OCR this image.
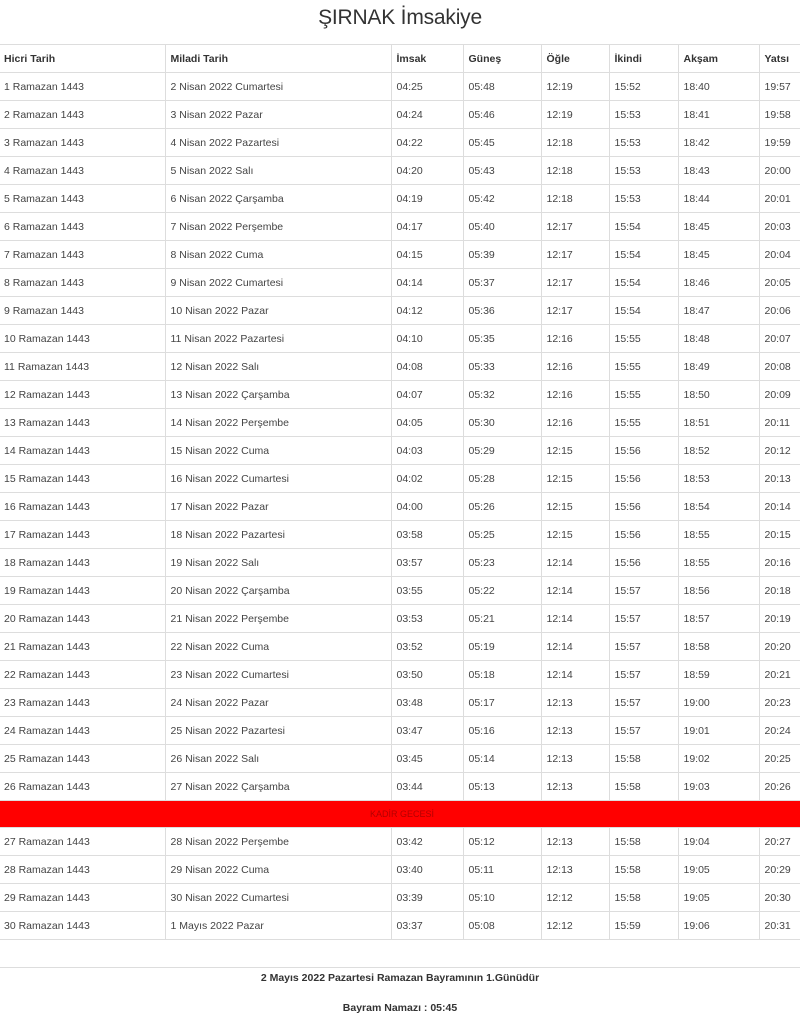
ŞIRNAK İmsakiye
Hicri Tarih	Miladi Tarih	İmsak	Güneş	Öğle	İkindi	Akşam	Yatsı
1 Ramazan 1443	2 Nisan 2022 Cumartesi	04:25	05:48	12:19	15:52	18:40	19:57
2 Ramazan 1443	3 Nisan 2022 Pazar	04:24	05:46	12:19	15:53	18:41	19:58
3 Ramazan 1443	4 Nisan 2022 Pazartesi	04:22	05:45	12:18	15:53	18:42	19:59
4 Ramazan 1443	5 Nisan 2022 Salı	04:20	05:43	12:18	15:53	18:43	20:00
5 Ramazan 1443	6 Nisan 2022 Çarşamba	04:19	05:42	12:18	15:53	18:44	20:01
6 Ramazan 1443	7 Nisan 2022 Perşembe	04:17	05:40	12:17	15:54	18:45	20:03
7 Ramazan 1443	8 Nisan 2022 Cuma	04:15	05:39	12:17	15:54	18:45	20:04
8 Ramazan 1443	9 Nisan 2022 Cumartesi	04:14	05:37	12:17	15:54	18:46	20:05
9 Ramazan 1443	10 Nisan 2022 Pazar	04:12	05:36	12:17	15:54	18:47	20:06
10 Ramazan 1443	11 Nisan 2022 Pazartesi	04:10	05:35	12:16	15:55	18:48	20:07
11 Ramazan 1443	12 Nisan 2022 Salı	04:08	05:33	12:16	15:55	18:49	20:08
12 Ramazan 1443	13 Nisan 2022 Çarşamba	04:07	05:32	12:16	15:55	18:50	20:09
13 Ramazan 1443	14 Nisan 2022 Perşembe	04:05	05:30	12:16	15:55	18:51	20:11
14 Ramazan 1443	15 Nisan 2022 Cuma	04:03	05:29	12:15	15:56	18:52	20:12
15 Ramazan 1443	16 Nisan 2022 Cumartesi	04:02	05:28	12:15	15:56	18:53	20:13
16 Ramazan 1443	17 Nisan 2022 Pazar	04:00	05:26	12:15	15:56	18:54	20:14
17 Ramazan 1443	18 Nisan 2022 Pazartesi	03:58	05:25	12:15	15:56	18:55	20:15
18 Ramazan 1443	19 Nisan 2022 Salı	03:57	05:23	12:14	15:56	18:55	20:16
19 Ramazan 1443	20 Nisan 2022 Çarşamba	03:55	05:22	12:14	15:57	18:56	20:18
20 Ramazan 1443	21 Nisan 2022 Perşembe	03:53	05:21	12:14	15:57	18:57	20:19
21 Ramazan 1443	22 Nisan 2022 Cuma	03:52	05:19	12:14	15:57	18:58	20:20
22 Ramazan 1443	23 Nisan 2022 Cumartesi	03:50	05:18	12:14	15:57	18:59	20:21
23 Ramazan 1443	24 Nisan 2022 Pazar	03:48	05:17	12:13	15:57	19:00	20:23
24 Ramazan 1443	25 Nisan 2022 Pazartesi	03:47	05:16	12:13	15:57	19:01	20:24
25 Ramazan 1443	26 Nisan 2022 Salı	03:45	05:14	12:13	15:58	19:02	20:25
26 Ramazan 1443	27 Nisan 2022 Çarşamba	03:44	05:13	12:13	15:58	19:03	20:26
KADİR GECESİ							
27 Ramazan 1443	28 Nisan 2022 Perşembe	03:42	05:12	12:13	15:58	19:04	20:27
28 Ramazan 1443	29 Nisan 2022 Cuma	03:40	05:11	12:13	15:58	19:05	20:29
29 Ramazan 1443	30 Nisan 2022 Cumartesi	03:39	05:10	12:12	15:58	19:05	20:30
30 Ramazan 1443	1 Mayıs 2022 Pazar	03:37	05:08	12:12	15:59	19:06	20:31

2 Mayıs 2022 Pazartesi Ramazan Bayramının 1.Günüdür
Bayram Namazı : 05:45
